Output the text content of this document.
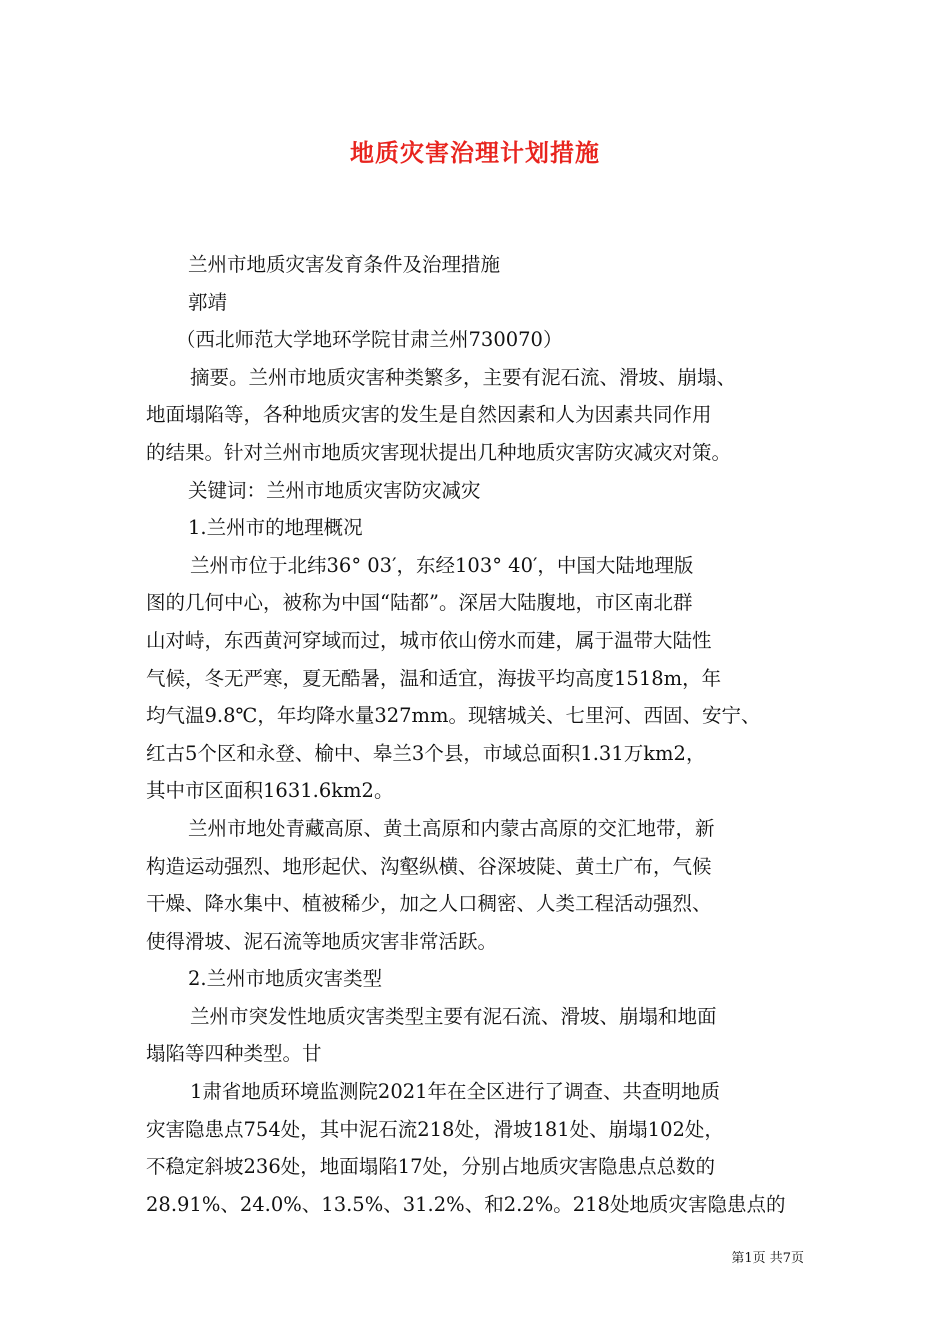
地质灾害治理计划措施
兰州市地质灾害发育条件及治理措施
郭靖
（西北师范大学地环学院甘肃兰州730070）
摘要。兰州市地质灾害种类繁多，主要有泥石流、滑坡、崩塌、
地面塌陷等，各种地质灾害的发生是自然因素和人为因素共同作用
的结果。针对兰州市地质灾害现状提出几种地质灾害防灾减灾对策。
关键词：兰州市地质灾害防灾减灾
1.兰州市的地理概况
兰州市位于北纬36° 03′，东经103° 40′，中国大陆地理版
图的几何中心，被称为中国“陆都”。深居大陆腹地，市区南北群
山对峙，东西黄河穿域而过，城市依山傍水而建，属于温带大陆性
气候，冬无严寒，夏无酷暑，温和适宜，海拔平均高度1518m，年
均气温9.8℃，年均降水量327mm。现辖城关、七里河、西固、安宁、
红古5个区和永登、榆中、皋兰3个县，市域总面积1.31万km2，
其中市区面积1631.6km2。
兰州市地处青藏高原、黄土高原和内蒙古高原的交汇地带，新
构造运动强烈、地形起伏、沟壑纵横、谷深坡陡、黄土广布，气候
干燥、降水集中、植被稀少，加之人口稠密、人类工程活动强烈、
使得滑坡、泥石流等地质灾害非常活跃。
2.兰州市地质灾害类型
兰州市突发性地质灾害类型主要有泥石流、滑坡、崩塌和地面
塌陷等四种类型。甘
1肃省地质环境监测院2021年在全区进行了调查、共查明地质
灾害隐患点754处，其中泥石流218处，滑坡181处、崩塌102处，
不稳定斜坡236处，地面塌陷17处，分别占地质灾害隐患点总数的
28.91%、24.0%、13.5%、31.2%、和2.2%。218处地质灾害隐患点的
第1页 共7页
